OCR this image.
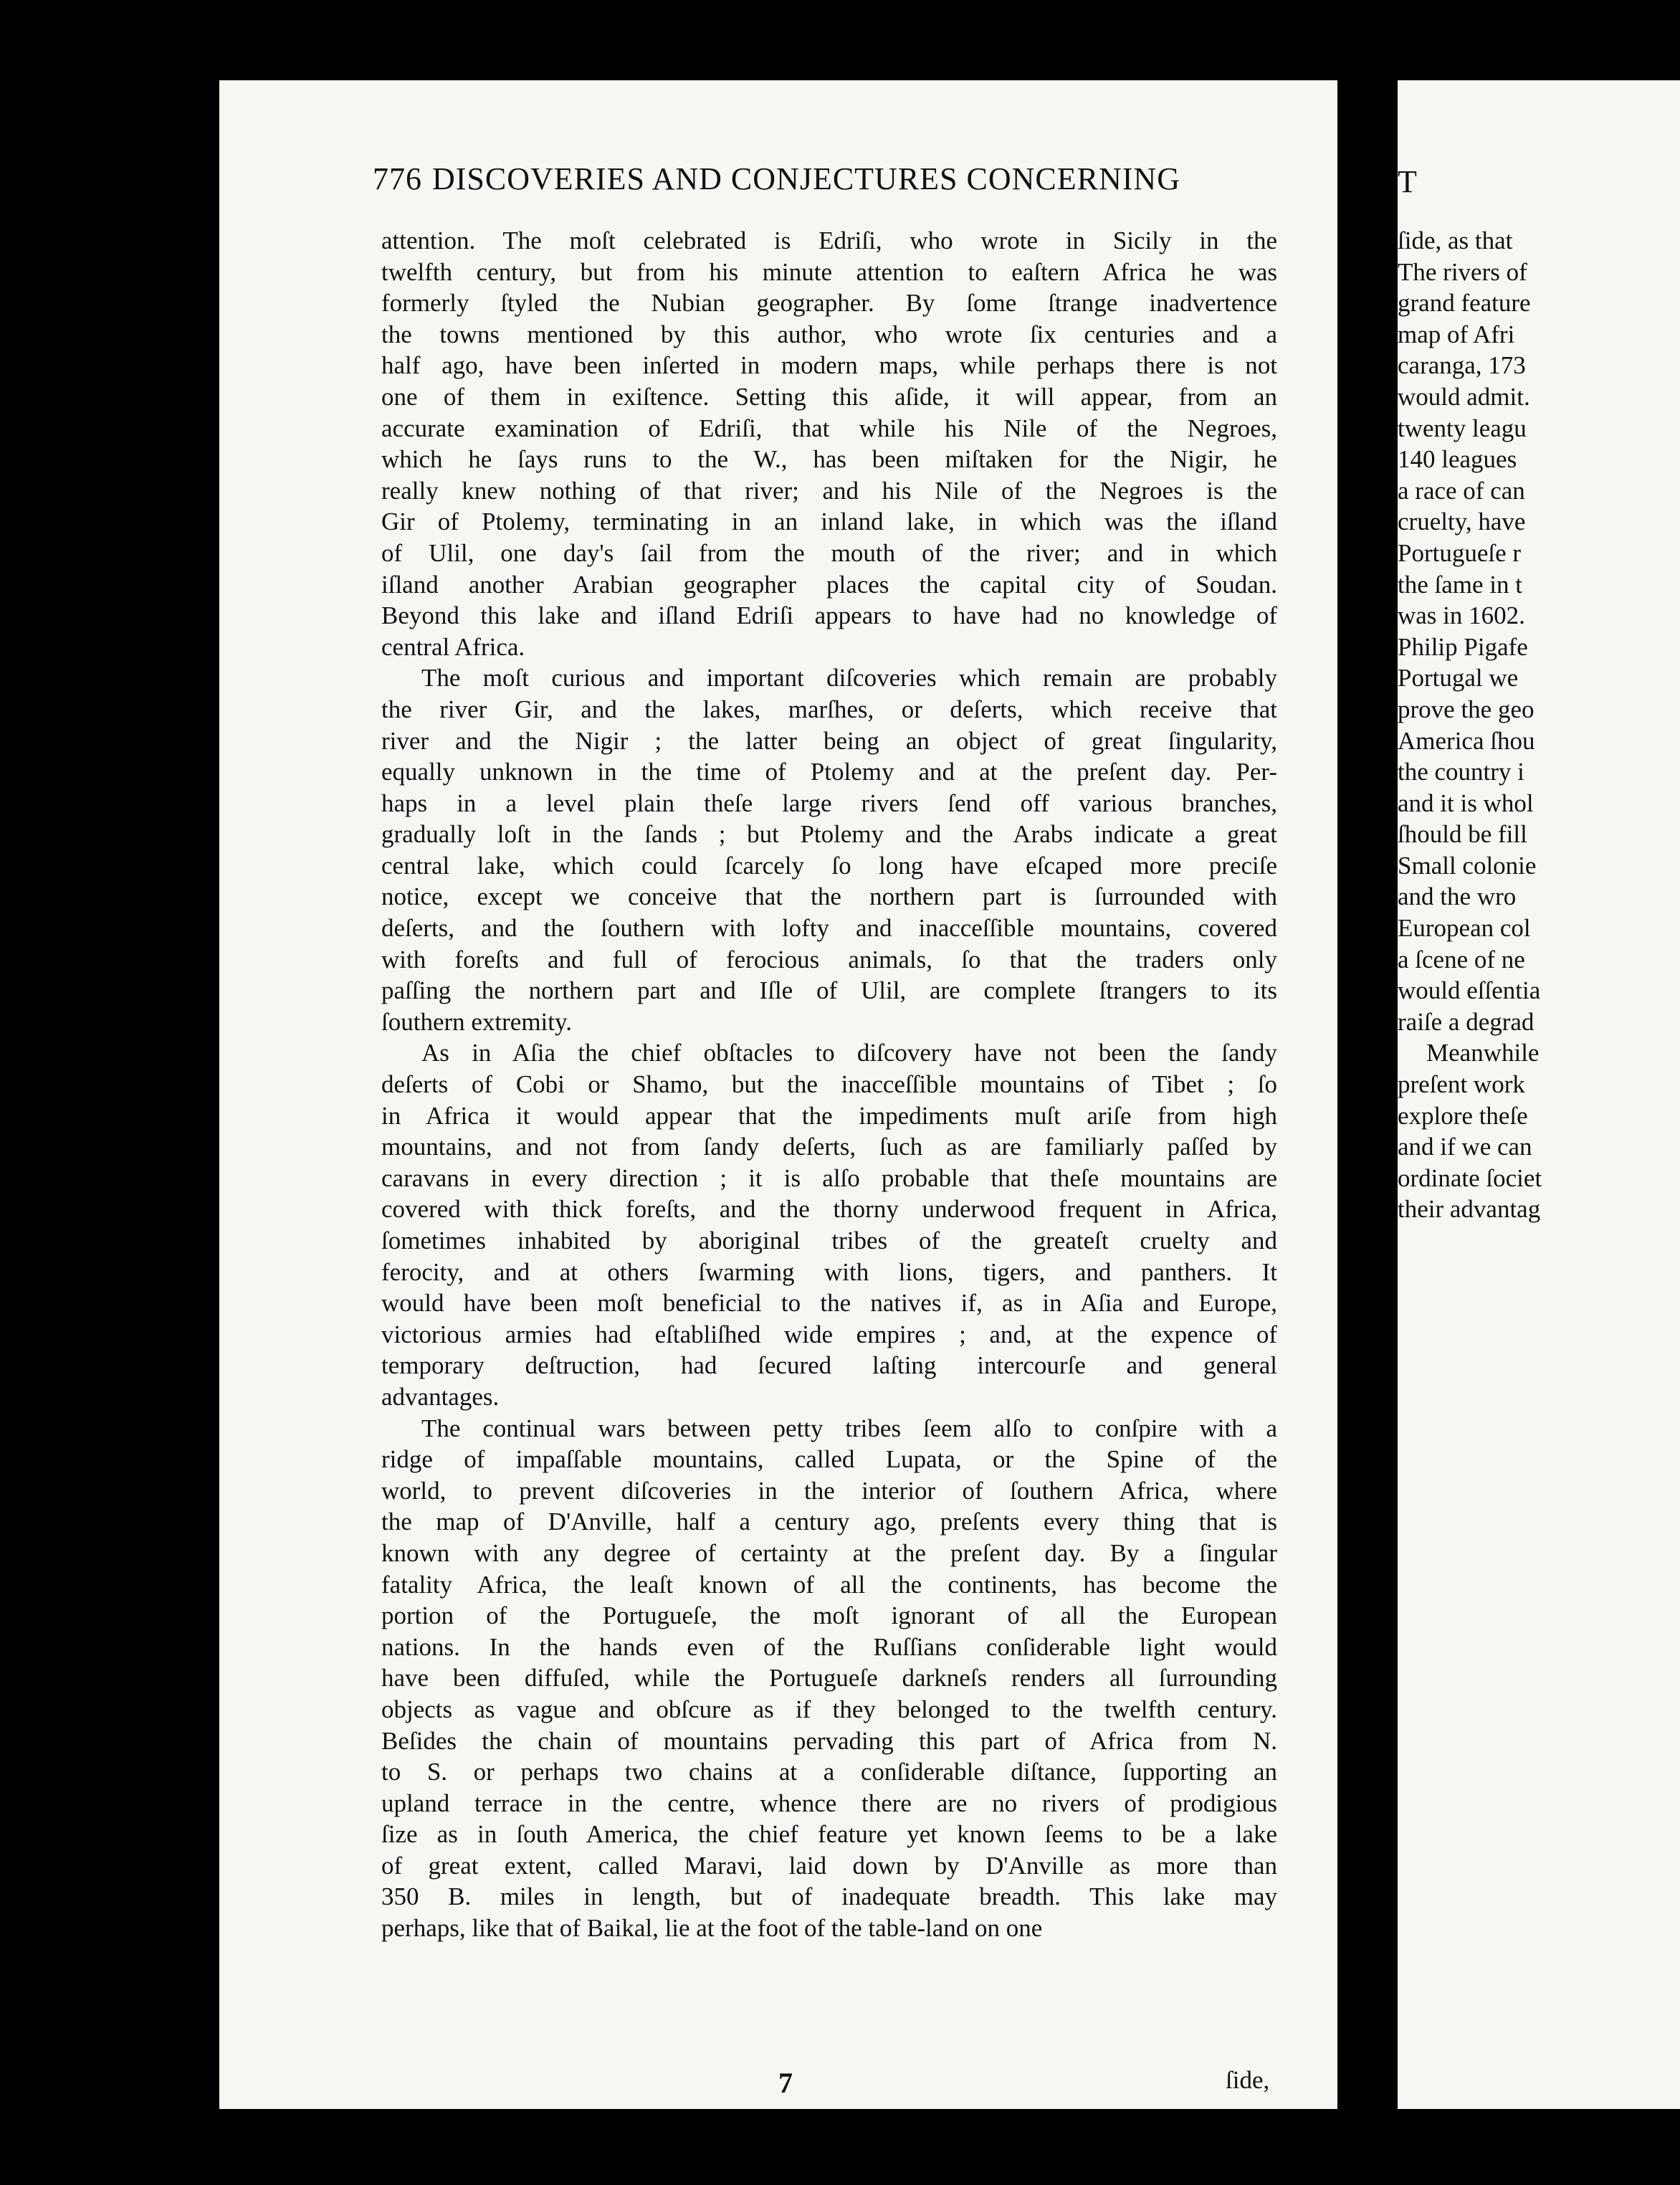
776 DISCOVERIES AND CONJECTURES CONCERNING
attention. The moſt celebrated is Edriſi, who wrote in Sicily in the
twelfth century, but from his minute attention to eaſtern Africa he was
formerly ſtyled the Nubian geographer. By ſome ſtrange inadvertence
the towns mentioned by this author, who wrote ſix centuries and a
half ago, have been inſerted in modern maps, while perhaps there is not
one of them in exiſtence. Setting this aſide, it will appear, from an
accurate examination of Edriſi, that while his Nile of the Negroes,
which he ſays runs to the W., has been miſtaken for the Nigir, he
really knew nothing of that river; and his Nile of the Negroes is the
Gir of Ptolemy, terminating in an inland lake, in which was the iſland
of Ulil, one day's ſail from the mouth of the river; and in which
iſland another Arabian geographer places the capital city of Soudan.
Beyond this lake and iſland Edriſi appears to have had no knowledge of
central Africa.
The moſt curious and important diſcoveries which remain are probably
the river Gir, and the lakes, marſhes, or deſerts, which receive that
river and the Nigir ; the latter being an object of great ſingularity,
equally unknown in the time of Ptolemy and at the preſent day. Per-
haps in a level plain theſe large rivers ſend off various branches,
gradually loſt in the ſands ; but Ptolemy and the Arabs indicate a great
central lake, which could ſcarcely ſo long have eſcaped more preciſe
notice, except we conceive that the northern part is ſurrounded with
deſerts, and the ſouthern with lofty and inacceſſible mountains, covered
with foreſts and full of ferocious animals, ſo that the traders only
paſſing the northern part and Iſle of Ulil, are complete ſtrangers to its
ſouthern extremity.
As in Aſia the chief obſtacles to diſcovery have not been the ſandy
deſerts of Cobi or Shamo, but the inacceſſible mountains of Tibet ; ſo
in Africa it would appear that the impediments muſt ariſe from high
mountains, and not from ſandy deſerts, ſuch as are familiarly paſſed by
caravans in every direction ; it is alſo probable that theſe mountains are
covered with thick foreſts, and the thorny underwood frequent in Africa,
ſometimes inhabited by aboriginal tribes of the greateſt cruelty and
ferocity, and at others ſwarming with lions, tigers, and panthers. It
would have been moſt beneficial to the natives if, as in Aſia and Europe,
victorious armies had eſtabliſhed wide empires ; and, at the expence of
temporary deſtruction, had ſecured laſting intercourſe and general
advantages.
The continual wars between petty tribes ſeem alſo to conſpire with a
ridge of impaſſable mountains, called Lupata, or the Spine of the
world, to prevent diſcoveries in the interior of ſouthern Africa, where
the map of D'Anville, half a century ago, preſents every thing that is
known with any degree of certainty at the preſent day. By a ſingular
fatality Africa, the leaſt known of all the continents, has become the
portion of the Portugueſe, the moſt ignorant of all the European
nations. In the hands even of the Ruſſians conſiderable light would
have been diffuſed, while the Portugueſe darkneſs renders all ſurrounding
objects as vague and obſcure as if they belonged to the twelfth century.
Beſides the chain of mountains pervading this part of Africa from N.
to S. or perhaps two chains at a conſiderable diſtance, ſupporting an
upland terrace in the centre, whence there are no rivers of prodigious
ſize as in ſouth America, the chief feature yet known ſeems to be a lake
of great extent, called Maravi, laid down by D'Anville as more than
350 B. miles in length, but of inadequate breadth. This lake may
perhaps, like that of Baikal, lie at the foot of the table-land on one
7	ſide,
T
ſide, as that
The rivers of
grand feature
map of Afri
caranga, 173
would admit.
twenty leagu
140 leagues
a race of can
cruelty, have
Portugueſe r
the ſame in t
was in 1602.
Philip Pigafe
Portugal we
prove the geo
America ſhou
the country i
and it is whol
ſhould be fill
Small colonie
and the wro
European col
a ſcene of ne
would eſſentia
raiſe a degrad
Meanwhile
preſent work
explore theſe
and if we can
ordinate ſociet
their advantag
